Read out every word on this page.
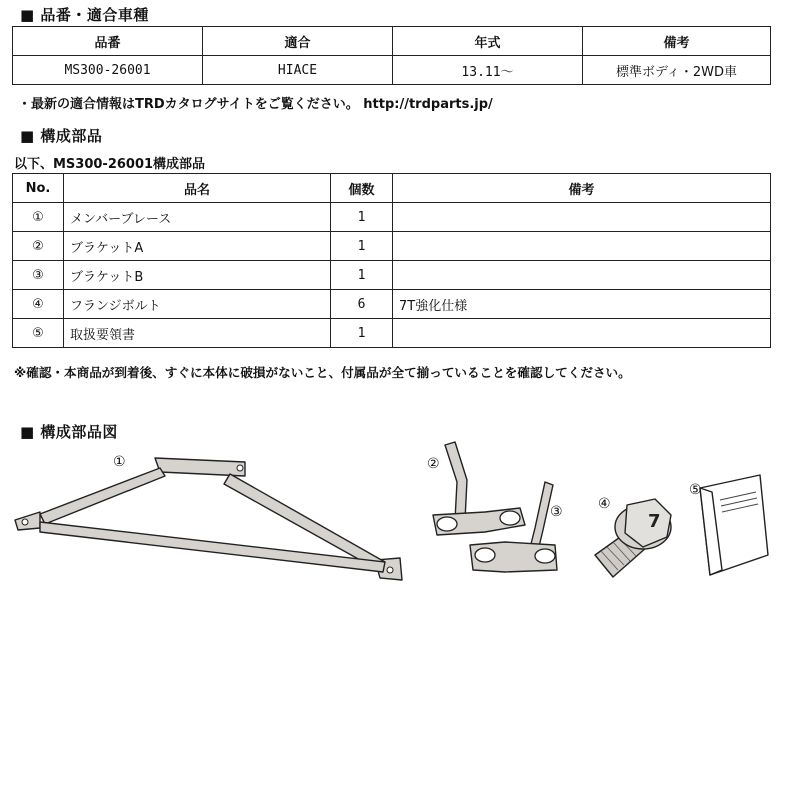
■ 品番・適合車種
品番	適合	年式	備考
MS300-26001	HIACE	13.11～	標準ボディ・2WD車
・最新の適合情報はTRDカタログサイトをご覧ください。 http://trdparts.jp/
■ 構成部品
以下、MS300-26001構成部品
No.	品名	個数	備考
①	メンバーブレース	1	
②	ブラケットA	1	
③	ブラケットB	1	
④	フランジボルト	6	7T強化仕様
⑤	取扱要領書	1	
※確認・本商品が到着後、すぐに本体に破損がないこと、付属品が全て揃っていることを確認してください。
■ 構成部品図
①	②
③	7
④
⑤
